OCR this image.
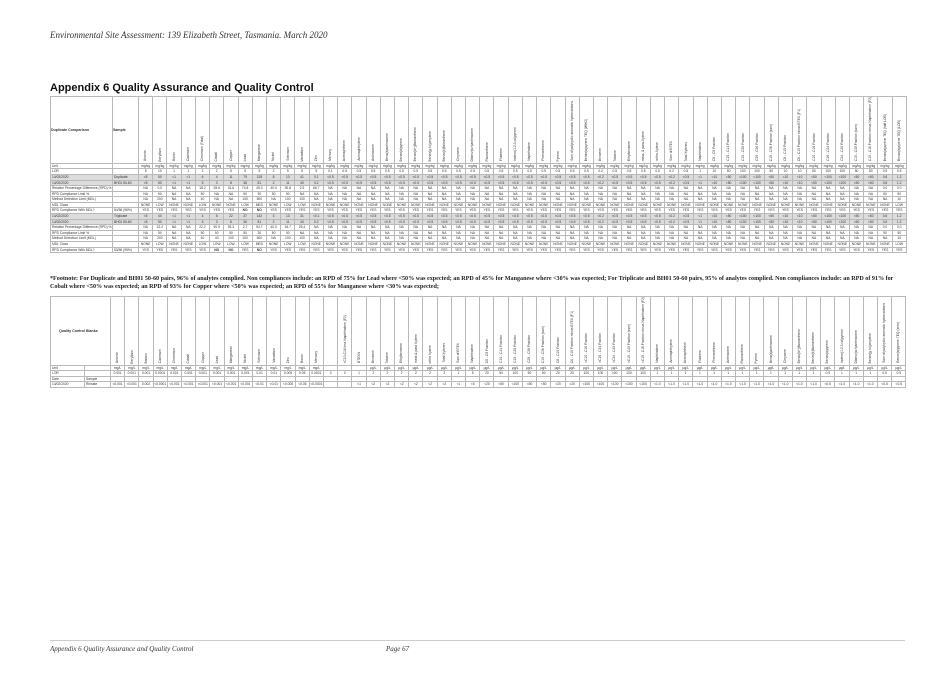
Environmental Site Assessment: 139 Elizabeth Street, Tasmania. March 2020
Appendix 6 Quality Assurance and Quality Control
Duplicate Comparison	Sample	Arsenic	Beryllium	Boron	Cadmium	Chromium (Total)	Cobalt	Copper	Lead	Manganese	Nickel	Selenium	Vanadium	Zinc	Mercury	Acenaphthene	Acenaphthylene	Anthracene	Benz(a)anthracene	Benzo(a)pyrene	Benzo(b+j)fluoranthene	Benzo(g.h.i)perylene	Benzo(k)fluoranthene	Chrysene	Dibenz(a.h)anthracene	Fluoranthene	Fluorene	Indeno(1.2.3.cd)pyrene	Naphthalene	Phenanthrene	Pyrene	Sum of polycyclic aromatic hydrocarbons	Benzo(a)pyrene TEQ (WHO)	Benzene	Toluene	Ethylbenzene	meta- & para-Xylene	ortho-Xylene	Sum of BTEX	Total Xylenes	Naphthalene	C6 - C9 Fraction	C10 - C14 Fraction	C15 - C28 Fraction	C29 - C36 Fraction	C10 - C36 Fraction (sum)	C6 - C10 Fraction	C6 - C10 Fraction minus BTEX (F1)	C10 - C16 Fraction	C16 - C34 Fraction	C34 - C40 Fraction	C10 - C40 Fraction (sum)	C10 - C16 Fraction minus Naphthalene (F2)	Benzo(a)pyrene TEQ (half LOR)	Benzo(a)pyrene TEQ (LOR)
Unit		mg/kg	mg/kg	mg/kg	mg/kg	mg/kg	mg/kg	mg/kg	mg/kg	mg/kg	mg/kg	mg/kg	mg/kg	mg/kg	mg/kg	mg/kg	mg/kg	mg/kg	mg/kg	mg/kg	mg/kg	mg/kg	mg/kg	mg/kg	mg/kg	mg/kg	mg/kg	mg/kg	mg/kg	mg/kg	mg/kg	mg/kg	mg/kg	mg/kg	mg/kg	mg/kg	mg/kg	mg/kg	mg/kg	mg/kg	mg/kg	mg/kg	mg/kg	mg/kg	mg/kg	mg/kg	mg/kg	mg/kg	mg/kg	mg/kg	mg/kg	mg/kg	mg/kg	mg/kg	mg/kg
LOR		5	10	1	1	2	2	5	5	5	2	5	5	5	0.1	0.5	0.5	0.5	0.5	0.5	0.5	0.5	0.5	0.5	0.5	0.5	0.5	0.5	0.5	0.5	0.5	0.5	0.5	0.2	0.5	0.5	0.5	0.5	0.2	0.5	1	10	50	100	100	50	10	10	50	100	100	50	50	0.5	0.5
14/02/2020	Duplicate	<5	50	<1	<1	6	4	11	79	128	8	13	41	0.1	<0.5	<0.5	<0.5	<0.5	<0.5	<0.5	<0.5	<0.5	<0.5	<0.5	<0.5	<0.5	<0.5	<0.5	<0.5	<0.5	<0.5	<0.5	<0.5	<0.2	<0.5	<0.5	<0.5	<0.5	<0.2	<0.5	<1	<10	<50	<100	<100	<50	<10	<10	<50	<100	<100	<50	<50	0.6	1.2
14/02/2020	BH01 50-60	<5	50	<1	<1	5	3	8	36	81	2	11	40	0.2	<0.5	<0.5	<0.5	<0.5	<0.5	<0.5	<0.5	<0.5	<0.5	<0.5	<0.5	<0.5	<0.5	<0.5	<0.5	<0.5	<0.5	<0.5	<0.5	<0.2	<0.5	<0.5	<0.5	<0.5	<0.2	<0.5	<1	<10	<50	<100	<100	<50	<10	<10	<50	<100	<100	<50	<50	0.6	1.2
Relative Percentage Difference (RPD) %		NA	0.0	NA	NA	18.2	28.6	31.6	74.8	45.0	40.0	30.8	2.5	66.7	NA	NA	NA	NA	NA	NA	NA	NA	NA	NA	NA	NA	NA	NA	NA	NA	NA	NA	NA	NA	NA	NA	NA	NA	NA	NA	NA	NA	NA	NA	NA	NA	NA	NA	NA	NA	NA	NA	NA	0.0	0.0
RPD Compliance Limit %		NA	50	NA	NA	50	NA	NA	50	30	50	50	NA	NA	NA	NA	NA	NA	NA	NA	NA	NA	NA	NA	NA	NA	NA	NA	NA	NA	NA	NA	NA	NA	NA	NA	NA	NA	NA	NA	NA	NA	NA	NA	NA	NA	NA	NA	NA	NA	NA	NA	NA	50	50
Method Detection Limit (MDL)		NA	200	NA	NA	40	NA	NA	100	500	NA	100	100	NA	NA	NA	NA	NA	NA	NA	NA	NA	NA	NA	NA	NA	NA	NA	NA	NA	NA	NA	NA	NA	NA	NA	NA	NA	NA	NA	NA	NA	NA	NA	NA	NA	NA	NA	NA	NA	NA	NA	NA	NA	10
MDL Class		NONE	LOW	NONE	NONE	LOW	NONE	NONE	LOW	MED	NONE	LOW	LOW	NONE	NONE	NONE	NONE	NONE	NONE	NONE	NONE	NONE	NONE	NONE	NONE	NONE	NONE	NONE	NONE	NONE	NONE	NONE	NONE	NONE	NONE	NONE	NONE	NONE	NONE	NONE	NONE	NONE	NONE	NONE	NONE	NONE	NONE	NONE	NONE	NONE	NONE	NONE	NONE	NONE	LOW
RPD Compliance With MDL?	54/56 (96%)	YES	YES	YES	YES	YES	YES	YES	NO	NO	YES	YES	YES	YES	YES	YES	YES	YES	YES	YES	YES	YES	YES	YES	YES	YES	YES	YES	YES	YES	YES	YES	YES	YES	YES	YES	YES	YES	YES	YES	YES	YES	YES	YES	YES	YES	YES	YES	YES	YES	YES	YES	YES	YES	YES
14/02/2020	Triplicate	<5	40	<1	<1	4	8	22	37	142	3	13	31	<0.1	<0.5	<0.5	<0.5	<0.5	<0.5	<0.5	<0.5	<0.5	<0.5	<0.5	<0.5	<0.5	<0.5	<0.5	<0.5	<0.5	<0.5	<0.5	<0.5	<0.2	<0.5	<0.5	<0.5	<0.5	<0.2	<0.5	<1	<10	<50	<100	<100	<50	<10	<10	<50	<100	<100	<50	<50	0.6	1.2
14/02/2020	BH01 50-60	<5	50	<1	<1	5	3	8	36	81	2	11	40	0.2	<0.5	<0.5	<0.5	<0.5	<0.5	<0.5	<0.5	<0.5	<0.5	<0.5	<0.5	<0.5	<0.5	<0.5	<0.5	<0.5	<0.5	<0.5	<0.5	<0.2	<0.5	<0.5	<0.5	<0.5	<0.2	<0.5	<1	<10	<50	<100	<100	<50	<10	<10	<50	<100	<100	<50	<50	0.6	1.2
Relative Percentage Difference (RPD) %		NA	22.2	NA	NA	22.2	90.9	93.3	2.7	54.7	40.0	16.7	25.4	NA	NA	NA	NA	NA	NA	NA	NA	NA	NA	NA	NA	NA	NA	NA	NA	NA	NA	NA	NA	NA	NA	NA	NA	NA	NA	NA	NA	NA	NA	NA	NA	NA	NA	NA	NA	NA	NA	NA	NA	0.0	0.0
RPD Compliance Limit %		NA	50	NA	NA	50	50	50	50	30	50	50	NA	NA	NA	NA	NA	NA	NA	NA	NA	NA	NA	NA	NA	NA	NA	NA	NA	NA	NA	NA	NA	NA	NA	NA	NA	NA	NA	NA	NA	NA	NA	NA	NA	NA	NA	NA	NA	NA	NA	NA	NA	50	50
Method Detection Limit (MDL)		NA	200	NA	NA	40	40	100	100	500	NA	100	100	NA	NA	NA	NA	NA	NA	NA	NA	NA	NA	NA	NA	NA	NA	NA	NA	NA	NA	NA	NA	NA	NA	NA	NA	NA	NA	NA	NA	NA	NA	NA	NA	NA	NA	NA	NA	NA	NA	NA	NA	NA	10
MDL Class		NONE	LOW	NONE	NONE	LOW	LOW	LOW	LOW	MED	NONE	LOW	LOW	NONE	NONE	NONE	NONE	NONE	NONE	NONE	NONE	NONE	NONE	NONE	NONE	NONE	NONE	NONE	NONE	NONE	NONE	NONE	NONE	NONE	NONE	NONE	NONE	NONE	NONE	NONE	NONE	NONE	NONE	NONE	NONE	NONE	NONE	NONE	NONE	NONE	NONE	NONE	NONE	NONE	LOW
RPD Compliance With MDL?	53/56 (95%)	YES	YES	YES	YES	YES	NO	NO	YES	NO	YES	YES	YES	YES	YES	YES	YES	YES	YES	YES	YES	YES	YES	YES	YES	YES	YES	YES	YES	YES	YES	YES	YES	YES	YES	YES	YES	YES	YES	YES	YES	YES	YES	YES	YES	YES	YES	YES	YES	YES	YES	YES	YES	YES	YES
*Footnote: For Duplicate and BH01 50-60 pairs, 96% of analytes complied. Non compliances include: an RPD of 75% for Lead where <50% was expected; an RPD of 45% for Manganese where <30% was expected; For Triplicate and BH01 50-60 pairs, 95% of analytes complied. Non compliances include: an RPD of 91% for Cobalt where <50% was expected; an RPD of 93% for Copper where <50% was expected; an RPD of 55% for Manganese where <30% was expected;
Quality Control Blanks		Arsenic	Beryllium	Barium	Cadmium	Chromium	Cobalt	Copper	Lead	Manganese	Nickel	Selenium	Vanadium	Zinc	Boron	Mercury		>C10-C16 less Naphthalene (F2)	BTEXN	Benzene	Toluene	Ethylbenzene	meta & para Xylene	ortho Xylene	Total Xylenes	Sum of BTEX	Naphthalene	C6 - C9 Fraction	C10 - C14 Fraction	C15 - C28 Fraction	C29 - C36 Fraction	C10 - C36 Fraction (sum)	C6 - C10 Fraction	C6 - C10 Fraction minus BTEX (F1)	>C10 - C16 Fraction	>C16 - C34 Fraction	>C34 - C40 Fraction	>C10 - C40 Fraction (sum)	>C10 - C16 Fraction minus Naphthalene (F2)	Naphthalene	Acenaphthylene	Acenaphthene	Fluorene	Phenanthrene	Anthracene	Fluoranthene	Pyrene	Benz(a)anthracene	Chrysene	Benzo(b+j)fluoranthene	Benzo(k)fluoranthene	Benzo(a)pyrene	Indeno(1.2.3.cd)pyrene	Dibenz(a.h)anthracene	Benzo(g.h.i)perylene	Sum of polycyclic aromatic hydrocarbons	Benzo(a)pyrene TEQ (zero)
Unit		mg/L	mg/L	mg/L	mg/L	mg/L	mg/L	mg/L	mg/L	mg/L	mg/L	mg/L	mg/L	mg/L	mg/L	mg/L				µg/L	µg/L	µg/L	µg/L	µg/L	µg/L	µg/L	µg/L	µg/L	µg/L	µg/L	µg/L	µg/L	µg/L	µg/L	µg/L	µg/L	µg/L	µg/L	µg/L	µg/L	µg/L	µg/L	µg/L	µg/L	µg/L	µg/L	µg/L	µg/L	µg/L	µg/L	µg/L	µg/L	µg/L	µg/L	µg/L	µg/L	µg/L
LOR		0.001	0.001	0.001	0.0001	0.001	0.001	0.001	0.001	0.001	0.001	0.01	0.01	0.005	0.05	0.0001	0	0	1	2	2	2	2	2	2	1	5	20	50	100	50	50	20	20	100	100	100	100	100	1	1	1	1	1	1	1	1	1	1	1	1	0.5	1	1	1	0.5	0.5
Date	Sample																																																								
14/02/2020	Rinsate	<0.001	<0.001	0.002	<0.0001	<0.001	<0.001	<0.001	<0.001	<0.001	<0.001	<0.01	<0.01	<0.005	<0.05	<0.0001			<1	<2	<2	<2	<2	<2	<2	<1	<5	<20	<50	<100	<50	<50	<20	<20	<100	<100	<100	<100	<100	<1.0	<1.0	<1.0	<1.0	<1.0	<1.0	<1.0	<1.0	<1.0	<1.0	<1.0	<1.0	<0.5	<1.0	<1.0	<1.0	<0.5	<0.5
Appendix 6 Quality Assurance and Quality Control	Page 67
